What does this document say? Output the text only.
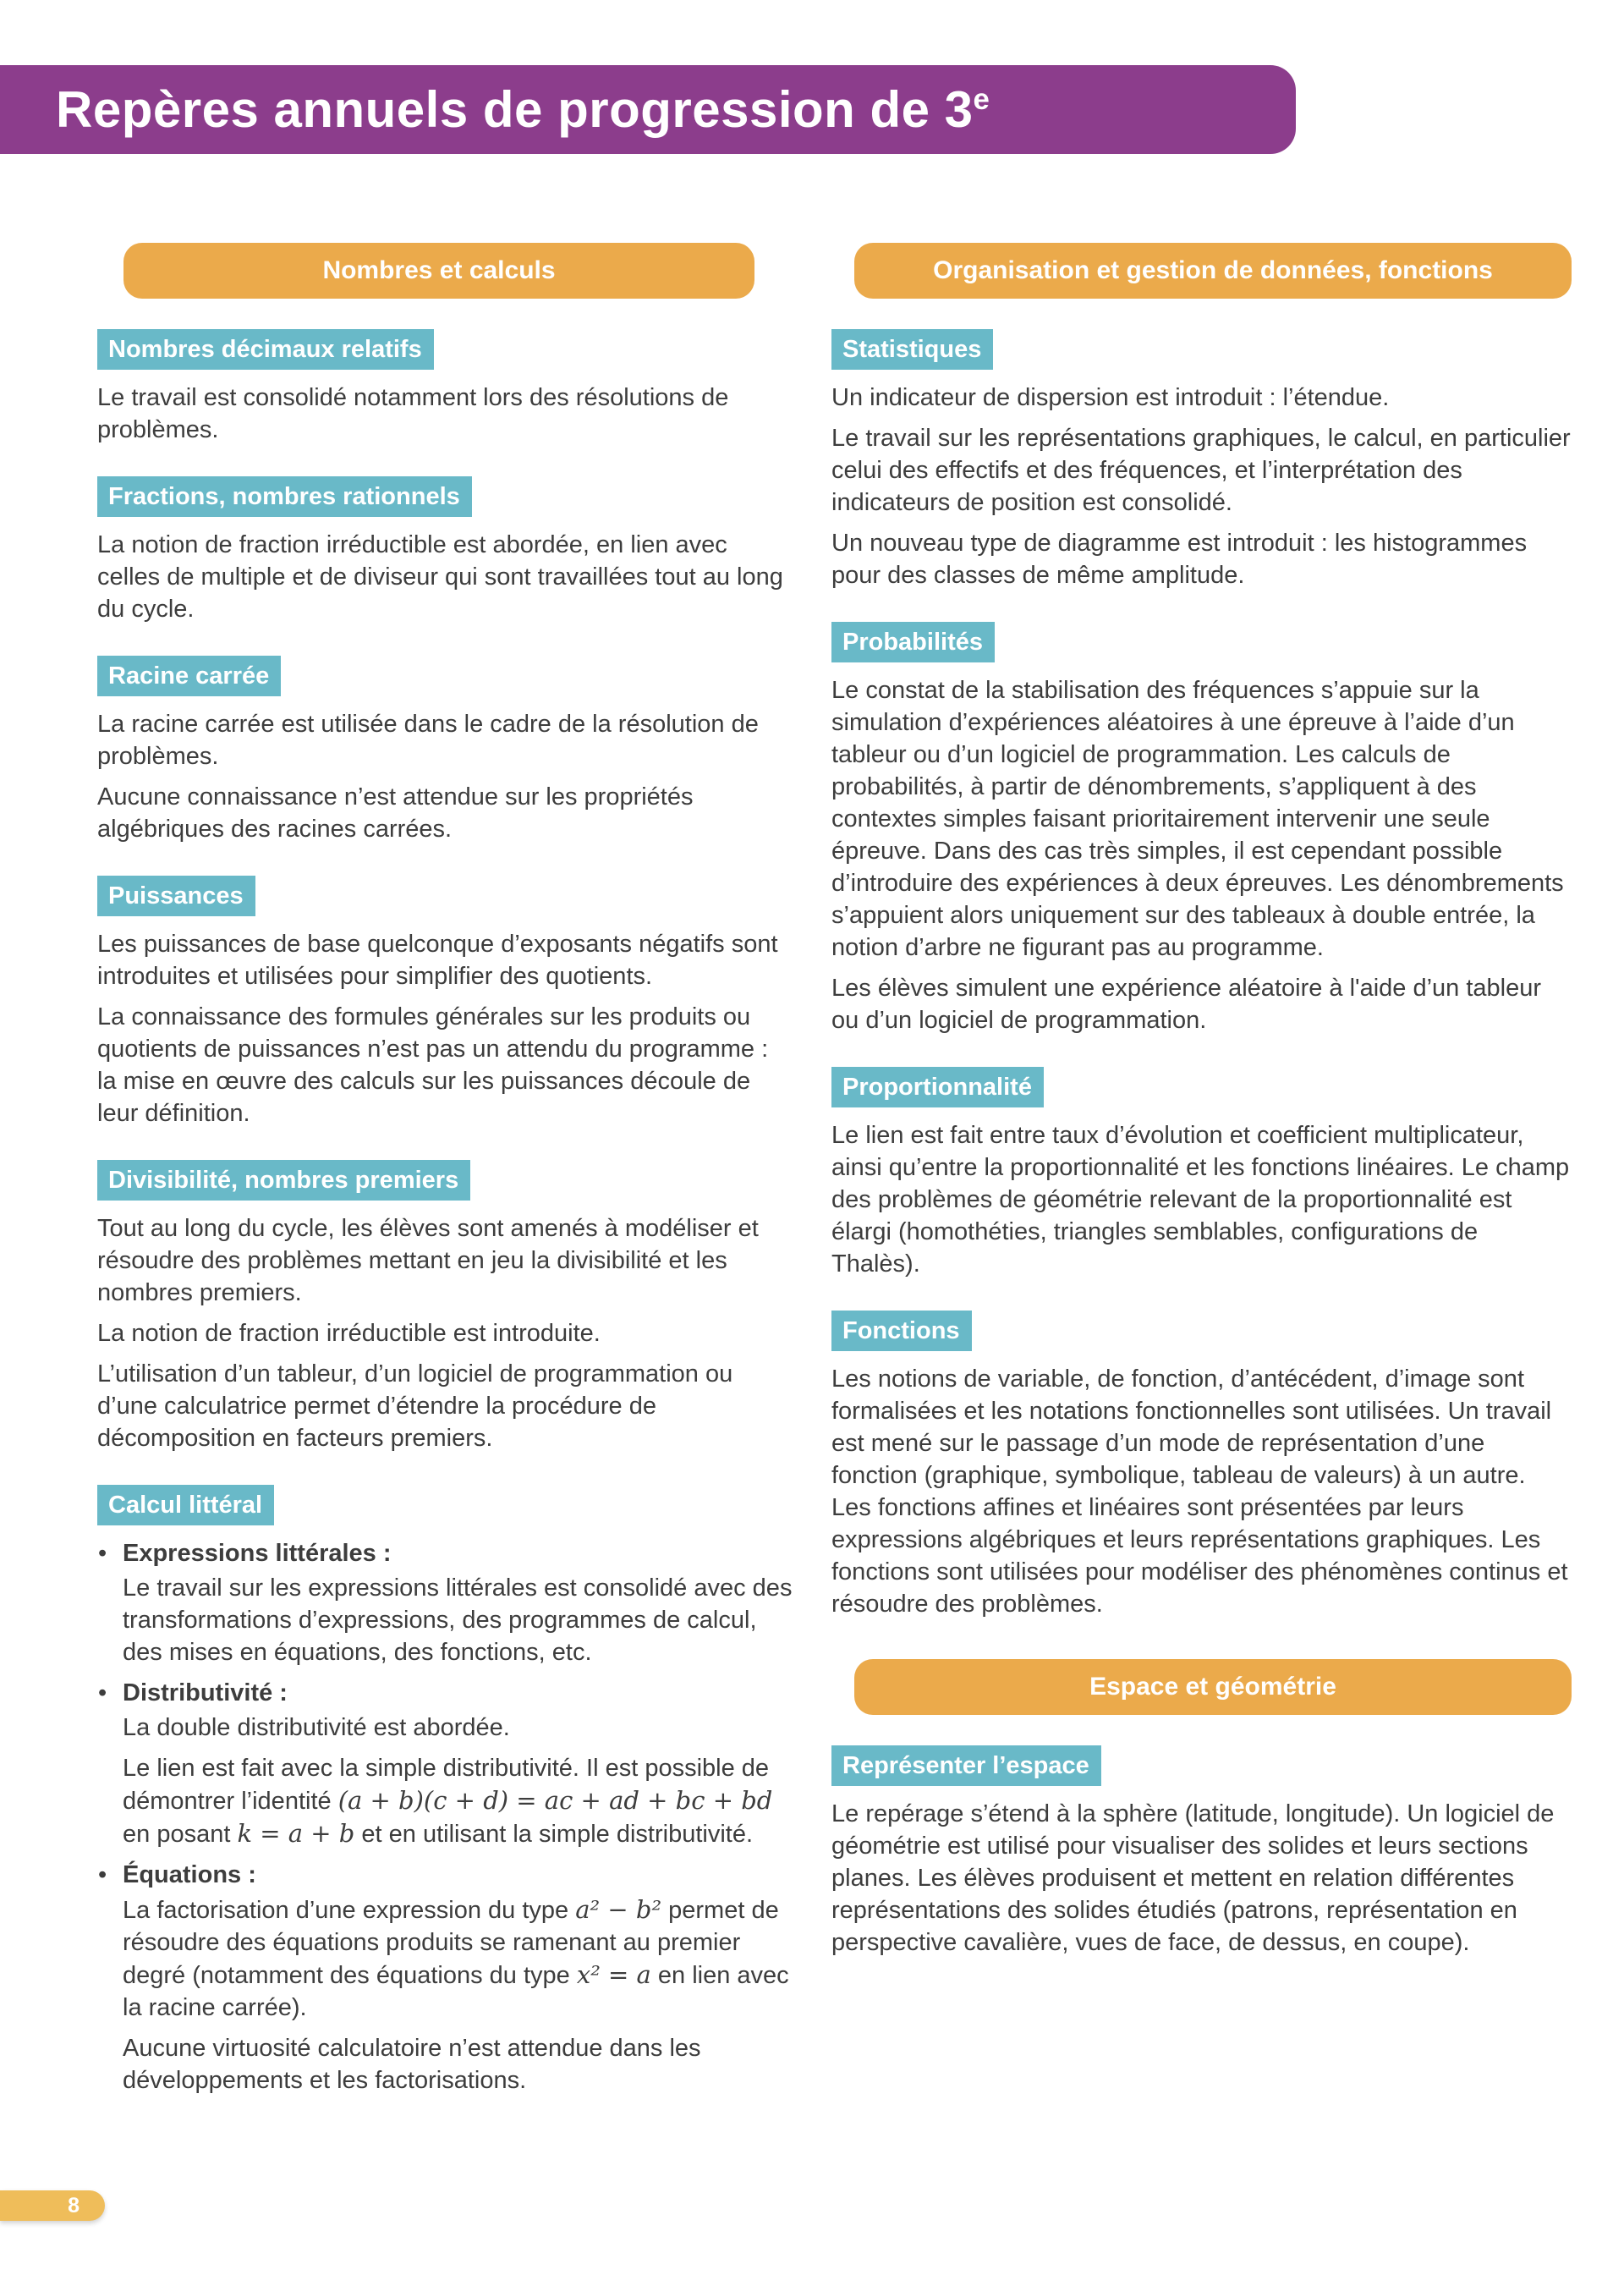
Repères annuels de progression de 3e
Nombres et calculs
Nombres décimaux relatifs

Le travail est consolidé notamment lors des résolutions de problèmes.

Fractions, nombres rationnels

La notion de fraction irréductible est abordée, en lien avec celles de multiple et de diviseur qui sont travaillées tout au long du cycle.

Racine carrée

La racine carrée est utilisée dans le cadre de la résolution de problèmes.

Aucune connaissance n’est attendue sur les propriétés algébriques des racines carrées.

Puissances

Les puissances de base quelconque d’exposants négatifs sont introduites et utilisées pour simplifier des quotients.

La connaissance des formules générales sur les produits ou quotients de puissances n’est pas un attendu du programme : la mise en œuvre des calculs sur les puissances découle de leur définition.

Divisibilité, nombres premiers

Tout au long du cycle, les élèves sont amenés à modéliser et résoudre des problèmes mettant en jeu la divisibilité et les nombres premiers.

La notion de fraction irréductible est introduite.

L’utilisation d’un tableur, d’un logiciel de programmation ou d’une calculatrice permet d’étendre la procédure de décomposition en facteurs premiers.

Calcul littéral
• Expressions littérales :

Le travail sur les expressions littérales est consolidé avec des transformations d’expressions, des programmes de calcul, des mises en équations, des fonctions, etc.

• Distributivité :

La double distributivité est abordée.

Le lien est fait avec la simple distributivité. Il est possible de démontrer l’identité (a + b)(c + d) = ac + ad + bc + bd en posant k = a + b et en utilisant la simple distributivité.

• Équations :

La factorisation d’une expression du type a² − b² permet de résoudre des équations produits se ramenant au premier degré (notamment des équations du type x² = a en lien avec la racine carrée).

Aucune virtuosité calculatoire n’est attendue dans les développements et les factorisations.

Organisation et gestion de données, fonctions
Statistiques

Un indicateur de dispersion est introduit : l’étendue.

Le travail sur les représentations graphiques, le calcul, en particulier celui des effectifs et des fréquences, et l’interprétation des indicateurs de position est consolidé.

Un nouveau type de diagramme est introduit : les histogrammes pour des classes de même amplitude.

Probabilités

Le constat de la stabilisation des fréquences s’appuie sur la simulation d’expériences aléatoires à une épreuve à l’aide d’un tableur ou d’un logiciel de programmation. Les calculs de probabilités, à partir de dénombrements, s’appliquent à des contextes simples faisant prioritairement intervenir une seule épreuve. Dans des cas très simples, il est cependant possible d’introduire des expériences à deux épreuves. Les dénombrements s’appuient alors uniquement sur des tableaux à double entrée, la notion d’arbre ne figurant pas au programme.

Les élèves simulent une expérience aléatoire à l'aide d’un tableur ou d’un logiciel de programmation.

Proportionnalité

Le lien est fait entre taux d’évolution et coefficient multiplicateur, ainsi qu’entre la proportionnalité et les fonctions linéaires. Le champ des problèmes de géométrie relevant de la proportionnalité est élargi (homothéties, triangles semblables, configurations de Thalès).

Fonctions

Les notions de variable, de fonction, d’antécédent, d’image sont formalisées et les notations fonctionnelles sont utilisées. Un travail est mené sur le passage d’un mode de représentation d’une fonction (graphique, symbolique, tableau de valeurs) à un autre. Les fonctions affines et linéaires sont présentées par leurs expressions algébriques et leurs représentations graphiques. Les fonctions sont utilisées pour modéliser des phénomènes continus et résoudre des problèmes.

Espace et géométrie
Représenter l’espace

Le repérage s’étend à la sphère (latitude, longitude). Un logiciel de géométrie est utilisé pour visualiser des solides et leurs sections planes. Les élèves produisent et mettent en relation différentes représentations des solides étudiés (patrons, représentation en perspective cavalière, vues de face, de dessus, en coupe).

8
